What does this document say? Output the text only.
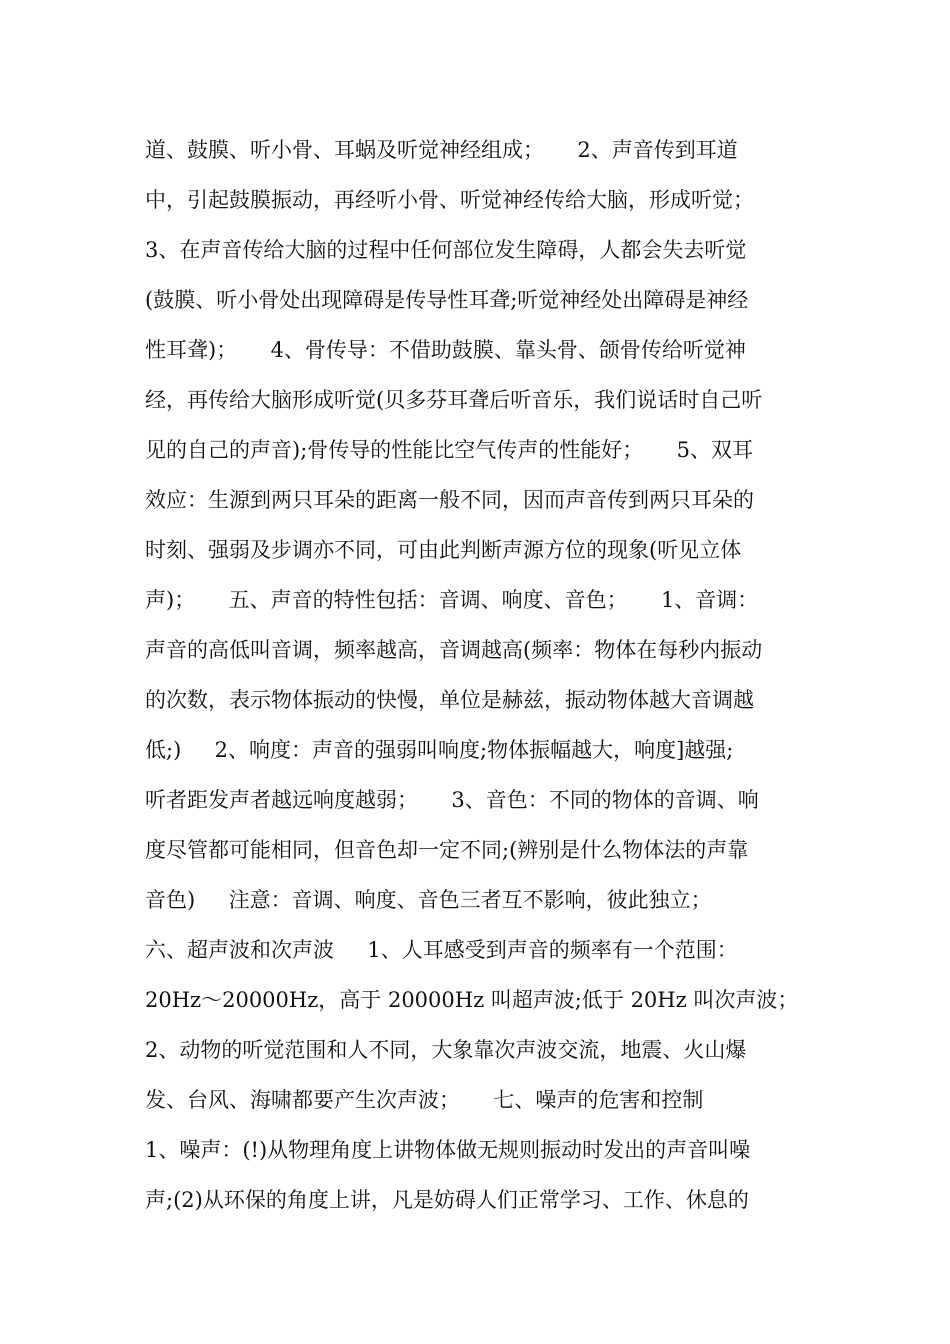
道、鼓膜、听小骨、耳蜗及听觉神经组成；     2、声音传到耳道
中，引起鼓膜振动，再经听小骨、听觉神经传给大脑，形成听觉；
3、在声音传给大脑的过程中任何部位发生障碍，人都会失去听觉
(鼓膜、听小骨处出现障碍是传导性耳聋;听觉神经处出障碍是神经
性耳聋)；     4、骨传导：不借助鼓膜、靠头骨、颌骨传给听觉神
经，再传给大脑形成听觉(贝多芬耳聋后听音乐，我们说话时自己听
见的自己的声音);骨传导的性能比空气传声的性能好；     5、双耳
效应：生源到两只耳朵的距离一般不同，因而声音传到两只耳朵的
时刻、强弱及步调亦不同，可由此判断声源方位的现象(听见立体
声)；     五、声音的特性包括：音调、响度、音色；     1、音调：
声音的高低叫音调，频率越高，音调越高(频率：物体在每秒内振动
的次数，表示物体振动的快慢，单位是赫兹，振动物体越大音调越
低;)     2、响度：声音的强弱叫响度;物体振幅越大，响度]越强;
听者距发声者越远响度越弱；     3、音色：不同的物体的音调、响
度尽管都可能相同，但音色却一定不同;(辨别是什么物体法的声靠
音色)     注意：音调、响度、音色三者互不影响，彼此独立；
六、超声波和次声波     1、人耳感受到声音的频率有一个范围：
20Hz～20000Hz，高于 20000Hz 叫超声波;低于 20Hz 叫次声波；
2、动物的听觉范围和人不同，大象靠次声波交流，地震、火山爆
发、台风、海啸都要产生次声波；     七、噪声的危害和控制
1、噪声：(!)从物理角度上讲物体做无规则振动时发出的声音叫噪
声;(2)从环保的角度上讲，凡是妨碍人们正常学习、工作、休息的
